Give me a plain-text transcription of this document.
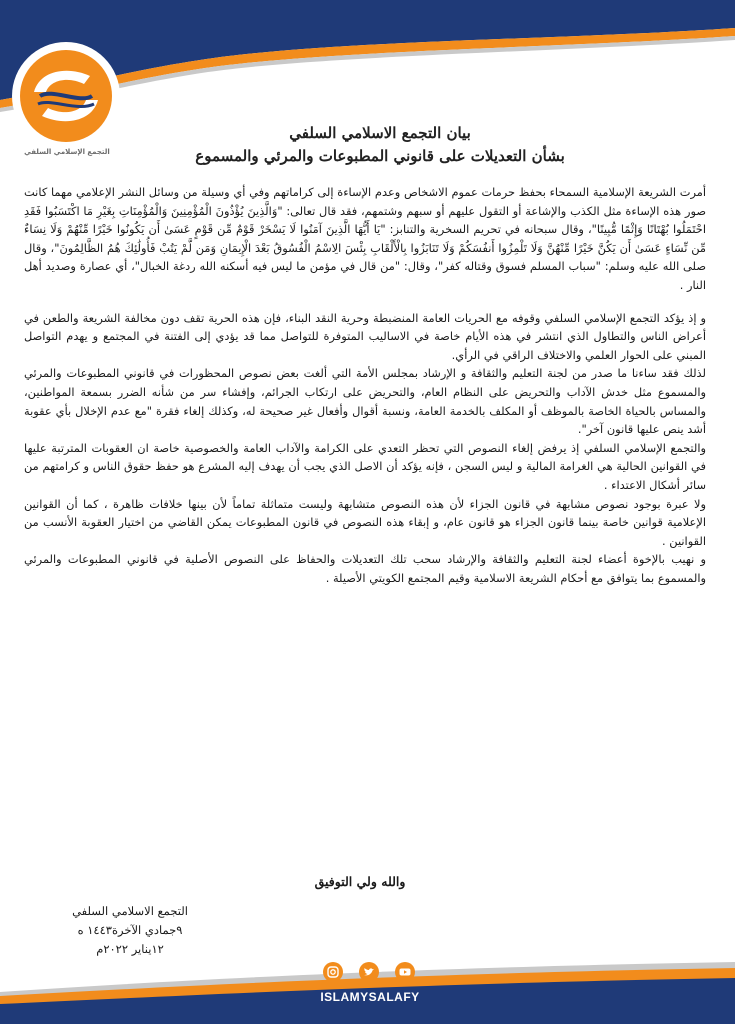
التجمع الإسلامي السلفي
بيان التجمع الاسلامي السلفي
بشأن التعديلات على قانوني المطبوعات والمرئي والمسموع

أمرت الشريعة الإسلامية السمحاء بحفظ حرمات عموم الاشخاص وعدم الإساءة إلى كراماتهم وفي أي وسيلة من وسائل النشر الإعلامي مهما كانت صور هذه الإساءة مثل الكذب والإشاعة أو التقول عليهم أو سبهم وشتمهم، فقد قال تعالى: "وَالَّذِينَ يُؤْذُونَ الْمُؤْمِنِينَ وَالْمُؤْمِنَاتِ بِغَيْرِ مَا اكْتَسَبُوا فَقَدِ احْتَمَلُوا بُهْتَانًا وَإِثْمًا مُّبِينًا"، وقال سبحانه في تحريم السخرية والتنابز: "يَا أَيُّهَا الَّذِينَ آمَنُوا لَا يَسْخَرْ قَوْمٌ مِّن قَوْمٍ عَسَىٰ أَن يَكُونُوا خَيْرًا مِّنْهُمْ وَلَا نِسَاءٌ مِّن نِّسَاءٍ عَسَىٰ أَن يَكُنَّ خَيْرًا مِّنْهُنَّ وَلَا تَلْمِزُوا أَنفُسَكُمْ وَلَا تَنَابَزُوا بِالْأَلْقَابِ بِئْسَ الِاسْمُ الْفُسُوقُ بَعْدَ الْإِيمَانِ وَمَن لَّمْ يَتُبْ فَأُولَٰئِكَ هُمُ الظَّالِمُونَ"، وقال صلى الله عليه وسلم: "سباب المسلم فسوق وقتاله كفر"، وقال: "من قال في مؤمن ما ليس فيه أسكنه الله ردغة الخبال"، أي عصارة وصديد أهل النار .

و إذ يؤكد التجمع الإسلامي السلفي وقوفه مع الحريات العامة المنضبطة وحرية النقد البناء، فإن هذه الحرية تقف دون مخالفة الشريعة والطعن في أعراض الناس والتطاول الذي انتشر في هذه الأيام خاصة في الاساليب المتوفرة للتواصل مما قد يؤدي إلى الفتنة في المجتمع و يهدم التواصل المبني على الحوار العلمي والاختلاف الراقي في الرأي.

لذلك فقد ساءنا ما صدر من لجنة التعليم والثقافة و الإرشاد بمجلس الأمة التي ألغت بعض نصوص المحظورات في قانوني المطبوعات والمرئي والمسموع مثل خدش الآداب والتحريض على النظام العام، والتحريض على ارتكاب الجرائم، وإفشاء سر من شأنه الضرر بسمعة المواطنين، والمساس بالحياة الخاصة بالموظف أو المكلف بالخدمة العامة، ونسبة أقوال وأفعال غير صحيحة له، وكذلك إلغاء فقرة "مع عدم الإخلال بأي عقوبة أشد ينص عليها قانون آخر".

والتجمع الإسلامي السلفي إذ يرفض إلغاء النصوص التي تحظر التعدي على الكرامة والآداب العامة والخصوصية خاصة ان العقوبات المترتبة عليها في القوانين الحالية هي الغرامة المالية و ليس السجن ، فإنه يؤكد أن الاصل الذي يجب أن يهدف إليه المشرع هو حفظ حقوق الناس و كرامتهم من سائر أشكال الاعتداء .

ولا عبرة بوجود نصوص مشابهة في قانون الجزاء لأن هذه النصوص متشابهة وليست متماثلة تماماً لأن بينها خلافات ظاهرة ، كما أن القوانين الإعلامية قوانين خاصة بينما قانون الجزاء هو قانون عام، و إبقاء هذه النصوص في قانون المطبوعات يمكن القاضي من اختيار العقوبة الأنسب من القوانين .

و نهيب بالإخوة أعضاء لجنة التعليم والثقافة والإرشاد سحب تلك التعديلات والحفاظ على النصوص الأصلية في قانوني المطبوعات والمرئي والمسموع بما يتوافق مع أحكام الشريعة الاسلامية وقيم المجتمع الكويتي الأصيلة .

والله ولي التوفيق
التجمع الاسلامي السلفي
٩جمادي الآخرة١٤٤٣ ه
١٢يناير ٢٠٢٢م
ISLAMYSALAFY
